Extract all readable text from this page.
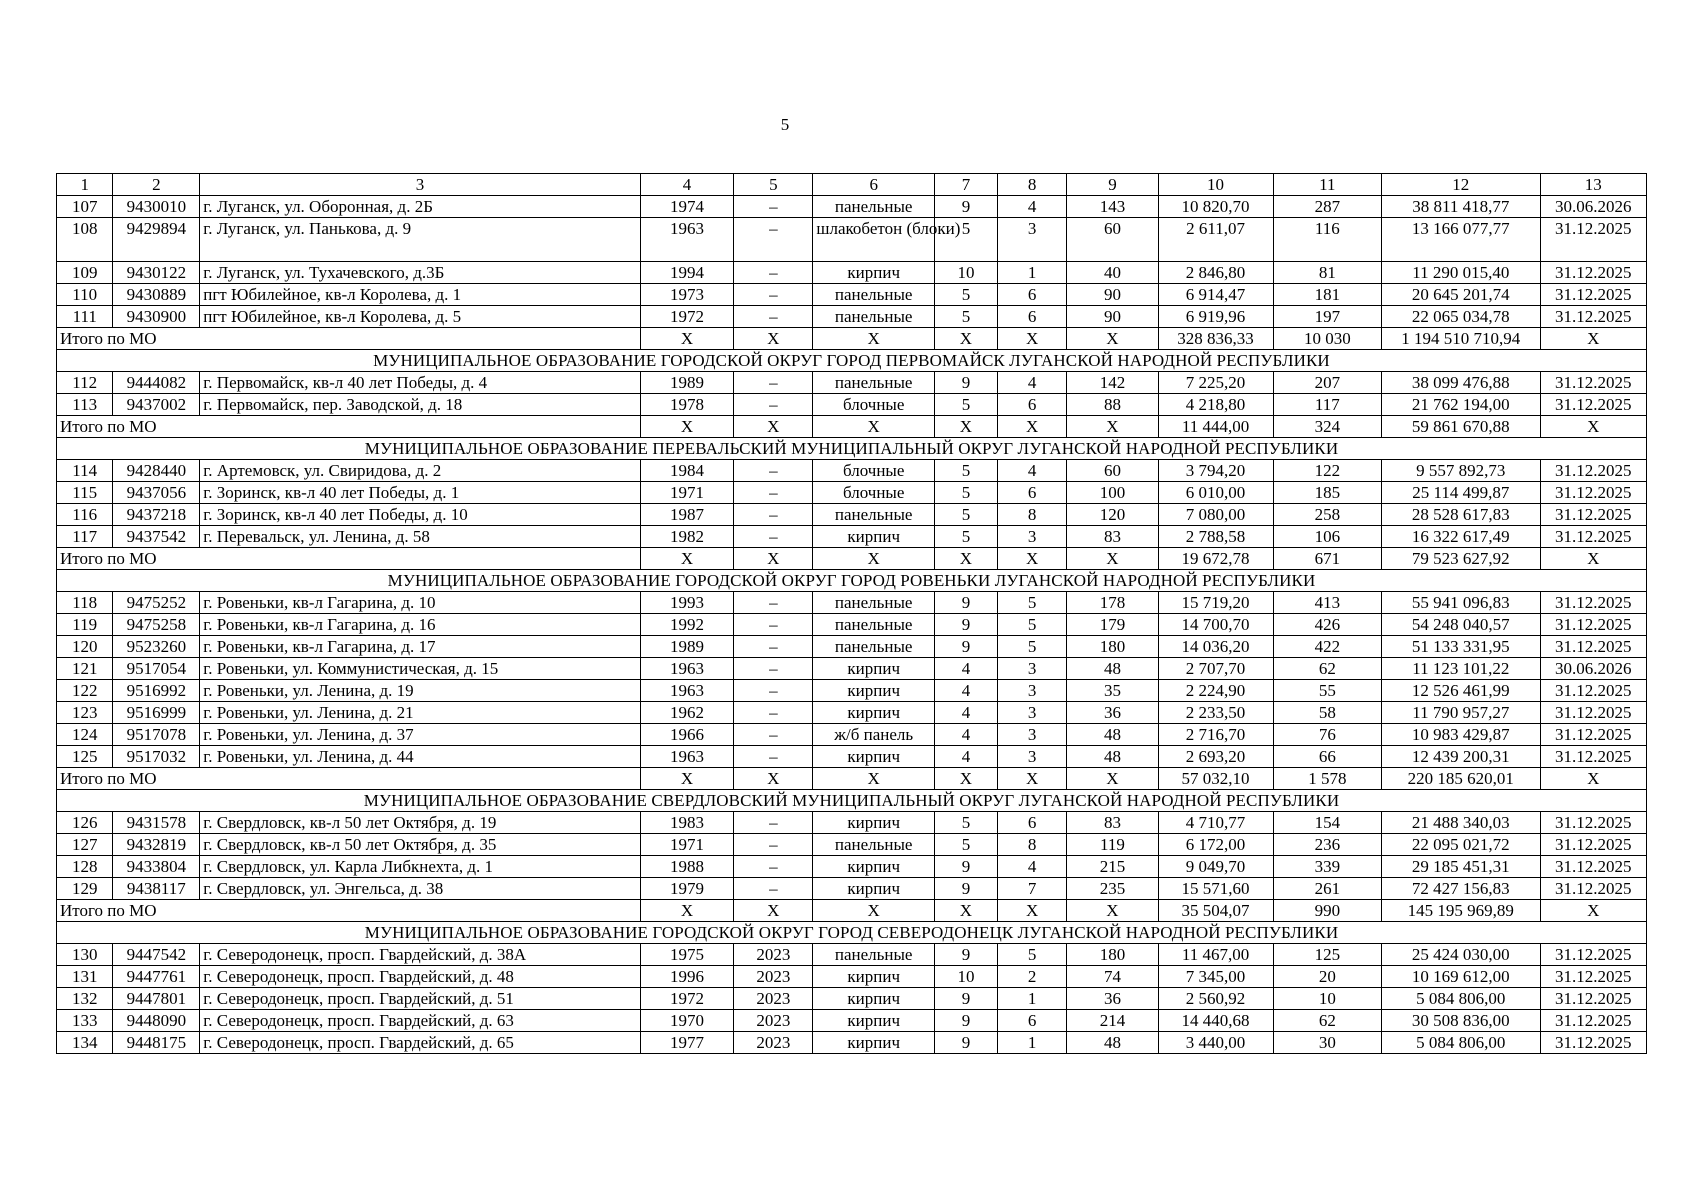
5
1	2	3	4	5	6	7	8	9	10	11	12	13
107	9430010	г. Луганск, ул. Оборонная, д. 2Б	1974	–	панельные	9	4	143	10 820,70	287	38 811 418,77	30.06.2026
108	9429894	г. Луганск, ул. Панькова, д. 9	1963	–	шлакобетон (блоки)	5	3	60	2 611,07	116	13 166 077,77	31.12.2025
109	9430122	г. Луганск, ул. Тухачевского, д.3Б	1994	–	кирпич	10	1	40	2 846,80	81	11 290 015,40	31.12.2025
110	9430889	пгт Юбилейное, кв-л Королева, д. 1	1973	–	панельные	5	6	90	6 914,47	181	20 645 201,74	31.12.2025
111	9430900	пгт Юбилейное, кв-л Королева, д. 5	1972	–	панельные	5	6	90	6 919,96	197	22 065 034,78	31.12.2025
Итого по МО			X	X	X	X	X	X	328 836,33	10 030	1 194 510 710,94	X
МУНИЦИПАЛЬНОЕ ОБРАЗОВАНИЕ ГОРОДСКОЙ ОКРУГ ГОРОД ПЕРВОМАЙСК ЛУГАНСКОЙ НАРОДНОЙ РЕСПУБЛИКИ												
112	9444082	г. Первомайск, кв-л 40 лет Победы, д. 4	1989	–	панельные	9	4	142	7 225,20	207	38 099 476,88	31.12.2025
113	9437002	г. Первомайск, пер. Заводской, д. 18	1978	–	блочные	5	6	88	4 218,80	117	21 762 194,00	31.12.2025
Итого по МО			X	X	X	X	X	X	11 444,00	324	59 861 670,88	X
МУНИЦИПАЛЬНОЕ ОБРАЗОВАНИЕ ПЕРЕВАЛЬСКИЙ МУНИЦИПАЛЬНЫЙ ОКРУГ ЛУГАНСКОЙ НАРОДНОЙ РЕСПУБЛИКИ												
114	9428440	г. Артемовск, ул. Свиридова, д. 2	1984	–	блочные	5	4	60	3 794,20	122	9 557 892,73	31.12.2025
115	9437056	г. Зоринск, кв-л 40 лет Победы, д. 1	1971	–	блочные	5	6	100	6 010,00	185	25 114 499,87	31.12.2025
116	9437218	г. Зоринск, кв-л 40 лет Победы, д. 10	1987	–	панельные	5	8	120	7 080,00	258	28 528 617,83	31.12.2025
117	9437542	г. Перевальск, ул. Ленина, д. 58	1982	–	кирпич	5	3	83	2 788,58	106	16 322 617,49	31.12.2025
Итого по МО			X	X	X	X	X	X	19 672,78	671	79 523 627,92	X
МУНИЦИПАЛЬНОЕ ОБРАЗОВАНИЕ ГОРОДСКОЙ ОКРУГ ГОРОД РОВЕНЬКИ ЛУГАНСКОЙ НАРОДНОЙ РЕСПУБЛИКИ												
118	9475252	г. Ровеньки, кв-л Гагарина, д. 10	1993	–	панельные	9	5	178	15 719,20	413	55 941 096,83	31.12.2025
119	9475258	г. Ровеньки, кв-л Гагарина, д. 16	1992	–	панельные	9	5	179	14 700,70	426	54 248 040,57	31.12.2025
120	9523260	г. Ровеньки, кв-л Гагарина, д. 17	1989	–	панельные	9	5	180	14 036,20	422	51 133 331,95	31.12.2025
121	9517054	г. Ровеньки, ул. Коммунистическая, д. 15	1963	–	кирпич	4	3	48	2 707,70	62	11 123 101,22	30.06.2026
122	9516992	г. Ровеньки, ул. Ленина, д. 19	1963	–	кирпич	4	3	35	2 224,90	55	12 526 461,99	31.12.2025
123	9516999	г. Ровеньки, ул. Ленина, д. 21	1962	–	кирпич	4	3	36	2 233,50	58	11 790 957,27	31.12.2025
124	9517078	г. Ровеньки, ул. Ленина, д. 37	1966	–	ж/б панель	4	3	48	2 716,70	76	10 983 429,87	31.12.2025
125	9517032	г. Ровеньки, ул. Ленина, д. 44	1963	–	кирпич	4	3	48	2 693,20	66	12 439 200,31	31.12.2025
Итого по МО			X	X	X	X	X	X	57 032,10	1 578	220 185 620,01	X
МУНИЦИПАЛЬНОЕ ОБРАЗОВАНИЕ СВЕРДЛОВСКИЙ МУНИЦИПАЛЬНЫЙ ОКРУГ ЛУГАНСКОЙ НАРОДНОЙ РЕСПУБЛИКИ												
126	9431578	г. Свердловск, кв-л 50 лет Октября, д. 19	1983	–	кирпич	5	6	83	4 710,77	154	21 488 340,03	31.12.2025
127	9432819	г. Свердловск, кв-л 50 лет Октября, д. 35	1971	–	панельные	5	8	119	6 172,00	236	22 095 021,72	31.12.2025
128	9433804	г. Свердловск, ул. Карла Либкнехта, д. 1	1988	–	кирпич	9	4	215	9 049,70	339	29 185 451,31	31.12.2025
129	9438117	г. Свердловск, ул. Энгельса, д. 38	1979	–	кирпич	9	7	235	15 571,60	261	72 427 156,83	31.12.2025
Итого по МО			X	X	X	X	X	X	35 504,07	990	145 195 969,89	X
МУНИЦИПАЛЬНОЕ ОБРАЗОВАНИЕ ГОРОДСКОЙ ОКРУГ ГОРОД СЕВЕРОДОНЕЦК ЛУГАНСКОЙ НАРОДНОЙ РЕСПУБЛИКИ												
130	9447542	г. Северодонецк, просп. Гвардейский, д. 38А	1975	2023	панельные	9	5	180	11 467,00	125	25 424 030,00	31.12.2025
131	9447761	г. Северодонецк, просп. Гвардейский, д. 48	1996	2023	кирпич	10	2	74	7 345,00	20	10 169 612,00	31.12.2025
132	9447801	г. Северодонецк, просп. Гвардейский, д. 51	1972	2023	кирпич	9	1	36	2 560,92	10	5 084 806,00	31.12.2025
133	9448090	г. Северодонецк, просп. Гвардейский, д. 63	1970	2023	кирпич	9	6	214	14 440,68	62	30 508 836,00	31.12.2025
134	9448175	г. Северодонецк, просп. Гвардейский, д. 65	1977	2023	кирпич	9	1	48	3 440,00	30	5 084 806,00	31.12.2025
